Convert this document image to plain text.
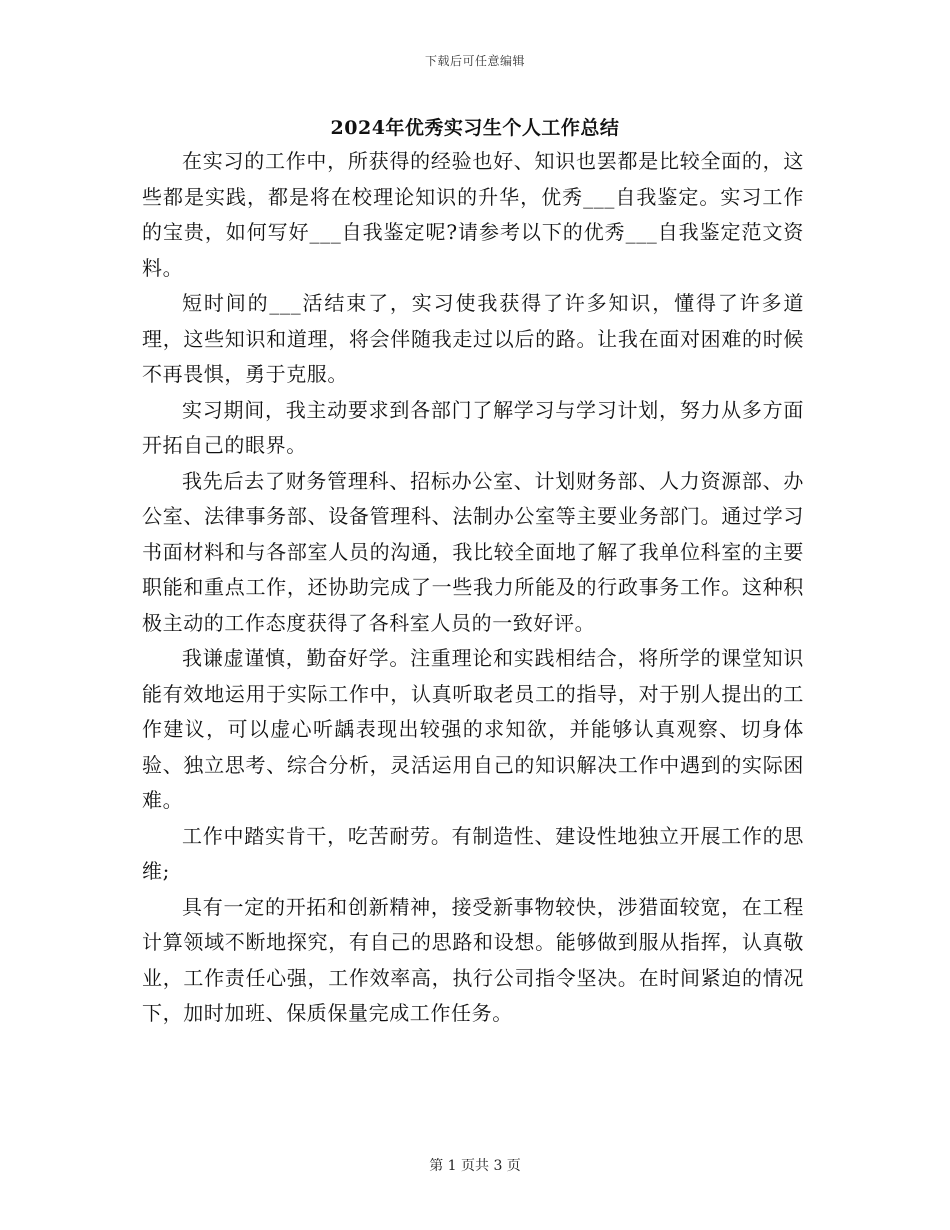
下载后可任意编辑
2024年优秀实习生个人工作总结

在实习的工作中，所获得的经验也好、知识也罢都是比较全面的，这些都是实践，都是将在校理论知识的升华，优秀___自我鉴定。实习工作的宝贵，如何写好___自我鉴定呢?请参考以下的优秀___自我鉴定范文资料。

短时间的___活结束了，实习使我获得了许多知识，懂得了许多道理，这些知识和道理，将会伴随我走过以后的路。让我在面对困难的时候不再畏惧，勇于克服。

实习期间，我主动要求到各部门了解学习与学习计划，努力从多方面开拓自己的眼界。

我先后去了财务管理科、招标办公室、计划财务部、人力资源部、办公室、法律事务部、设备管理科、法制办公室等主要业务部门。通过学习书面材料和与各部室人员的沟通，我比较全面地了解了我单位科室的主要职能和重点工作，还协助完成了一些我力所能及的行政事务工作。这种积极主动的工作态度获得了各科室人员的一致好评。

我谦虚谨慎，勤奋好学。注重理论和实践相结合，将所学的课堂知识能有效地运用于实际工作中，认真听取老员工的指导，对于别人提出的工作建议，可以虚心听龋表现出较强的求知欲，并能够认真观察、切身体验、独立思考、综合分析，灵活运用自己的知识解决工作中遇到的实际困难。

工作中踏实肯干，吃苦耐劳。有制造性、建设性地独立开展工作的思维;

具有一定的开拓和创新精神，接受新事物较快，涉猎面较宽，在工程计算领域不断地探究，有自己的思路和设想。能够做到服从指挥，认真敬业，工作责任心强，工作效率高，执行公司指令坚决。在时间紧迫的情况下，加时加班、保质保量完成工作任务。

第 1 页共 3 页
